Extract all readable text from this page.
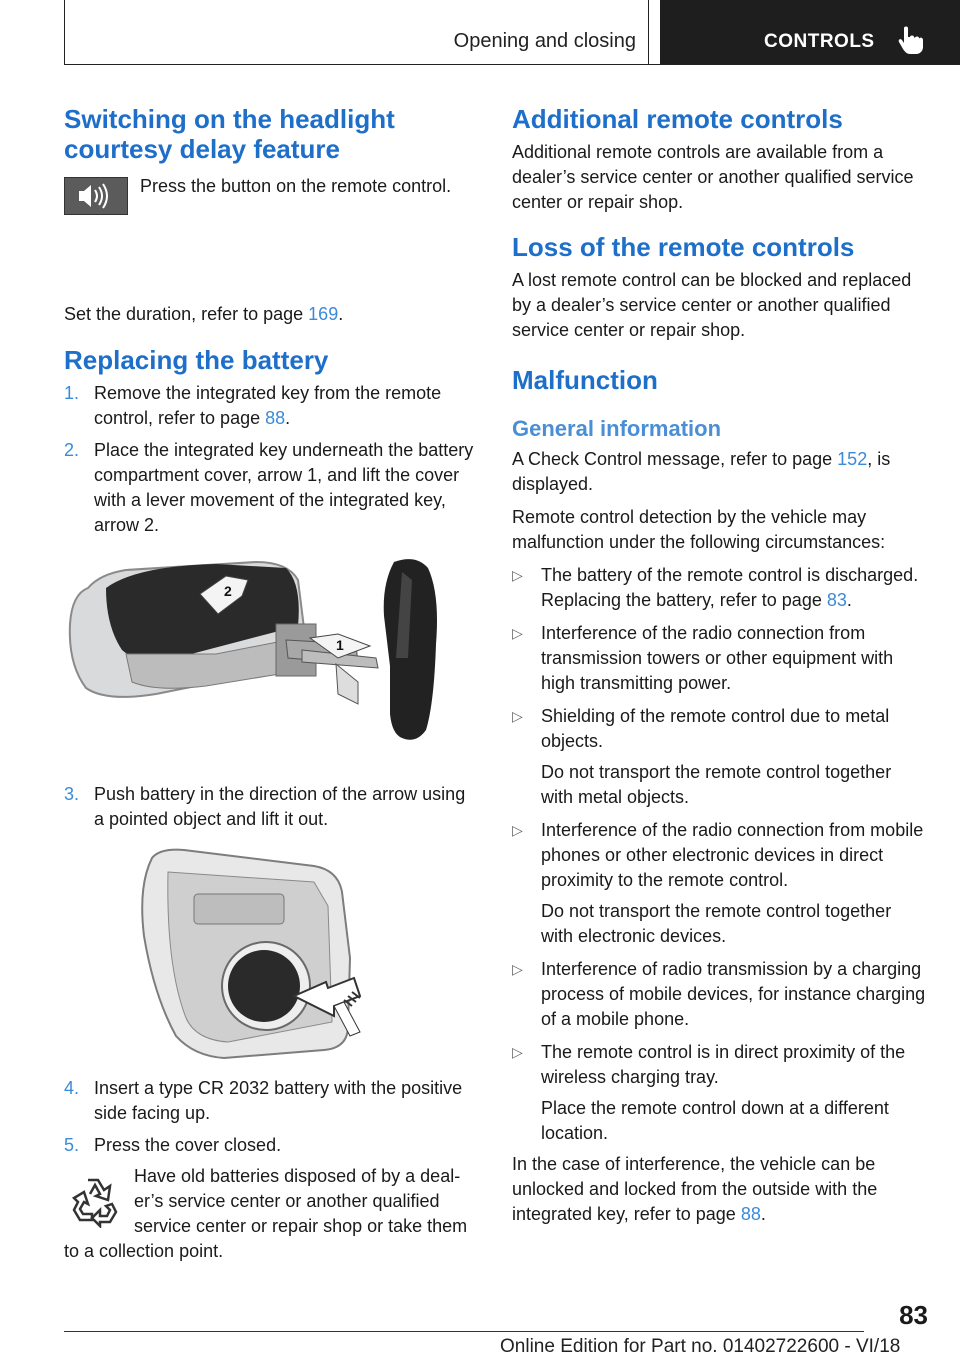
Opening and closing	CONTROLS
Switching on the headlight courtesy delay feature

Press the button on the remote control.

Set the duration, refer to page 169.

Replacing the battery
1. Remove the integrated key from the remote control, refer to page 88.
2. Place the integrated key underneath the battery compartment cover, arrow 1, and lift the cover with a lever movement of the integrated key, arrow 2.
2
1
3. Push battery in the direction of the arrow using a pointed object and lift it out.
4. Insert a type CR 2032 battery with the positive side facing up.
5. Press the cover closed.

Have old batteries disposed of by a dealer’s service center or another qualified service center or repair shop or take them to a collection point.

Additional remote controls

Additional remote controls are available from a dealer’s service center or another qualified service center or repair shop.

Loss of the remote controls

A lost remote control can be blocked and replaced by a dealer’s service center or another qualified service center or repair shop.

Malfunction
General information

A Check Control message, refer to page 152, is displayed.

Remote control detection by the vehicle may malfunction under the following circumstances:

▷ The battery of the remote control is discharged. Replacing the battery, refer to page 83.
▷ Interference of the radio connection from transmission towers or other equipment with high transmitting power.
▷ Shielding of the remote control due to metal objects.
Do not transport the remote control together with metal objects.
▷ Interference of the radio connection from mobile phones or other electronic devices in direct proximity to the remote control.
Do not transport the remote control together with electronic devices.
▷ Interference of radio transmission by a charging process of mobile devices, for instance charging of a mobile phone.
▷ The remote control is in direct proximity of the wireless charging tray.
Place the remote control down at a different location.

In the case of interference, the vehicle can be unlocked and locked from the outside with the integrated key, refer to page 88.

83
Online Edition for Part no. 01402722600 - VI/18
